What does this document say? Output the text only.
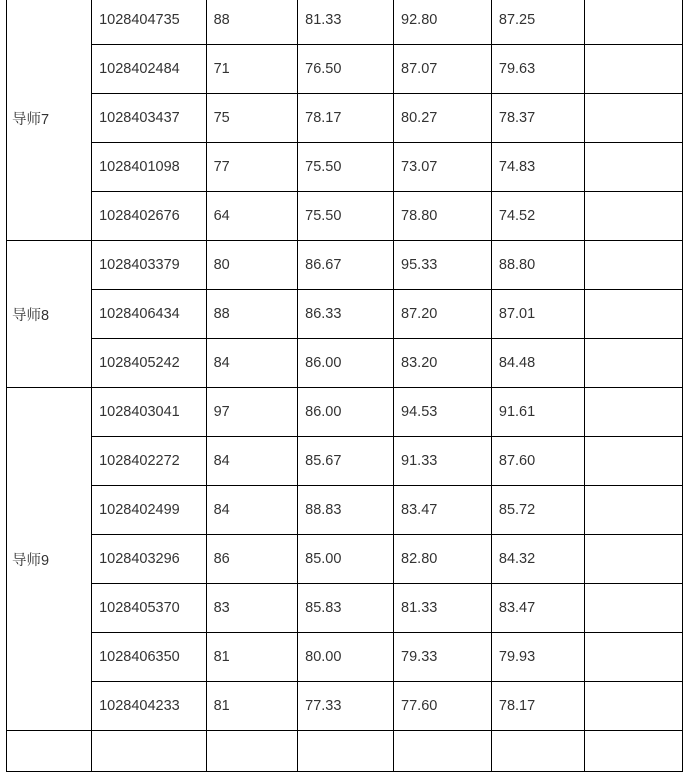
导师7	1028404735	88	81.33	92.80	87.25	
	1028402484	71	76.50	87.07	79.63	
	1028403437	75	78.17	80.27	78.37	
	1028401098	77	75.50	73.07	74.83	
	1028402676	64	75.50	78.80	74.52	
导师8	1028403379	80	86.67	95.33	88.80	
	1028406434	88	86.33	87.20	87.01	
	1028405242	84	86.00	83.20	84.48	
导师9	1028403041	97	86.00	94.53	91.61	
	1028402272	84	85.67	91.33	87.60	
	1028402499	84	88.83	83.47	85.72	
	1028403296	86	85.00	82.80	84.32	
	1028405370	83	85.83	81.33	83.47	
	1028406350	81	80.00	79.33	79.93	
	1028404233	81	77.33	77.60	78.17	
